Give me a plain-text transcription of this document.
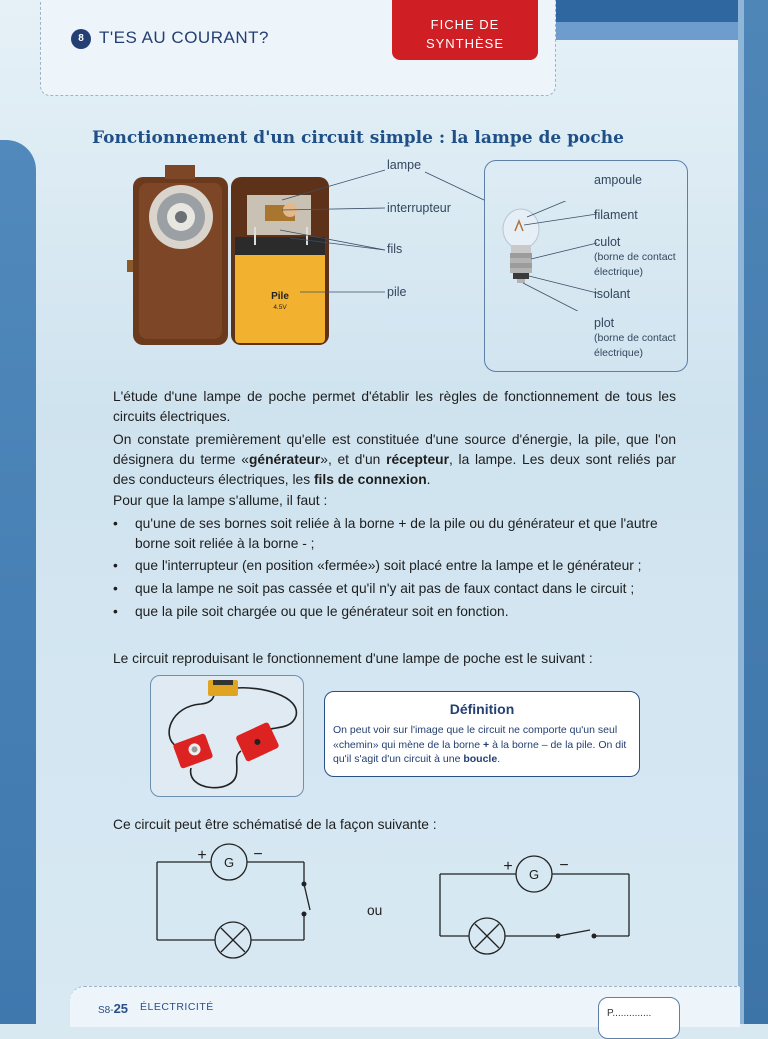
8 T'ES AU COURANT?
FICHE DE
SYNTHÈSE
Fonctionnement d'un circuit simple : la lampe de poche
Pile
4.5V
lampe
interrupteur
fils
pile
ampoule
filament
culot
(borne de contact
électrique)
isolant
plot
(borne de contact
électrique)

L'étude d'une lampe de poche permet d'établir les règles de fonctionnement de tous les circuits électriques.

On constate premièrement qu'elle est constituée d'une source d'énergie, la pile, que l'on désignera du terme «générateur», et d'un récepteur, la lampe. Les deux sont reliés par des conducteurs électriques, les fils de connexion.

Pour que la lampe s'allume, il faut :

• qu'une de ses bornes soit reliée à la borne + de la pile ou du générateur et que l'autre borne soit reliée à la borne - ;
• que l'interrupteur (en position «fermée») soit placé entre la lampe et le générateur ;
• que la lampe ne soit pas cassée et qu'il n'y ait pas de faux contact dans le circuit ;
• que la pile soit chargée ou que le générateur soit en fonction.

Le circuit reproduisant le fonctionnement d'une lampe de poche est le suivant :

Définition
On peut voir sur l'image que le circuit ne comporte qu'un seul «chemin» qui mène de la borne + à la borne – de la pile. On dit qu'il s'agit d'un circuit à une boucle.

Ce circuit peut être schématisé de la façon suivante :

G
+	−
ou
G
+	−
S8-25 ÉLECTRICITÉ
P..............
